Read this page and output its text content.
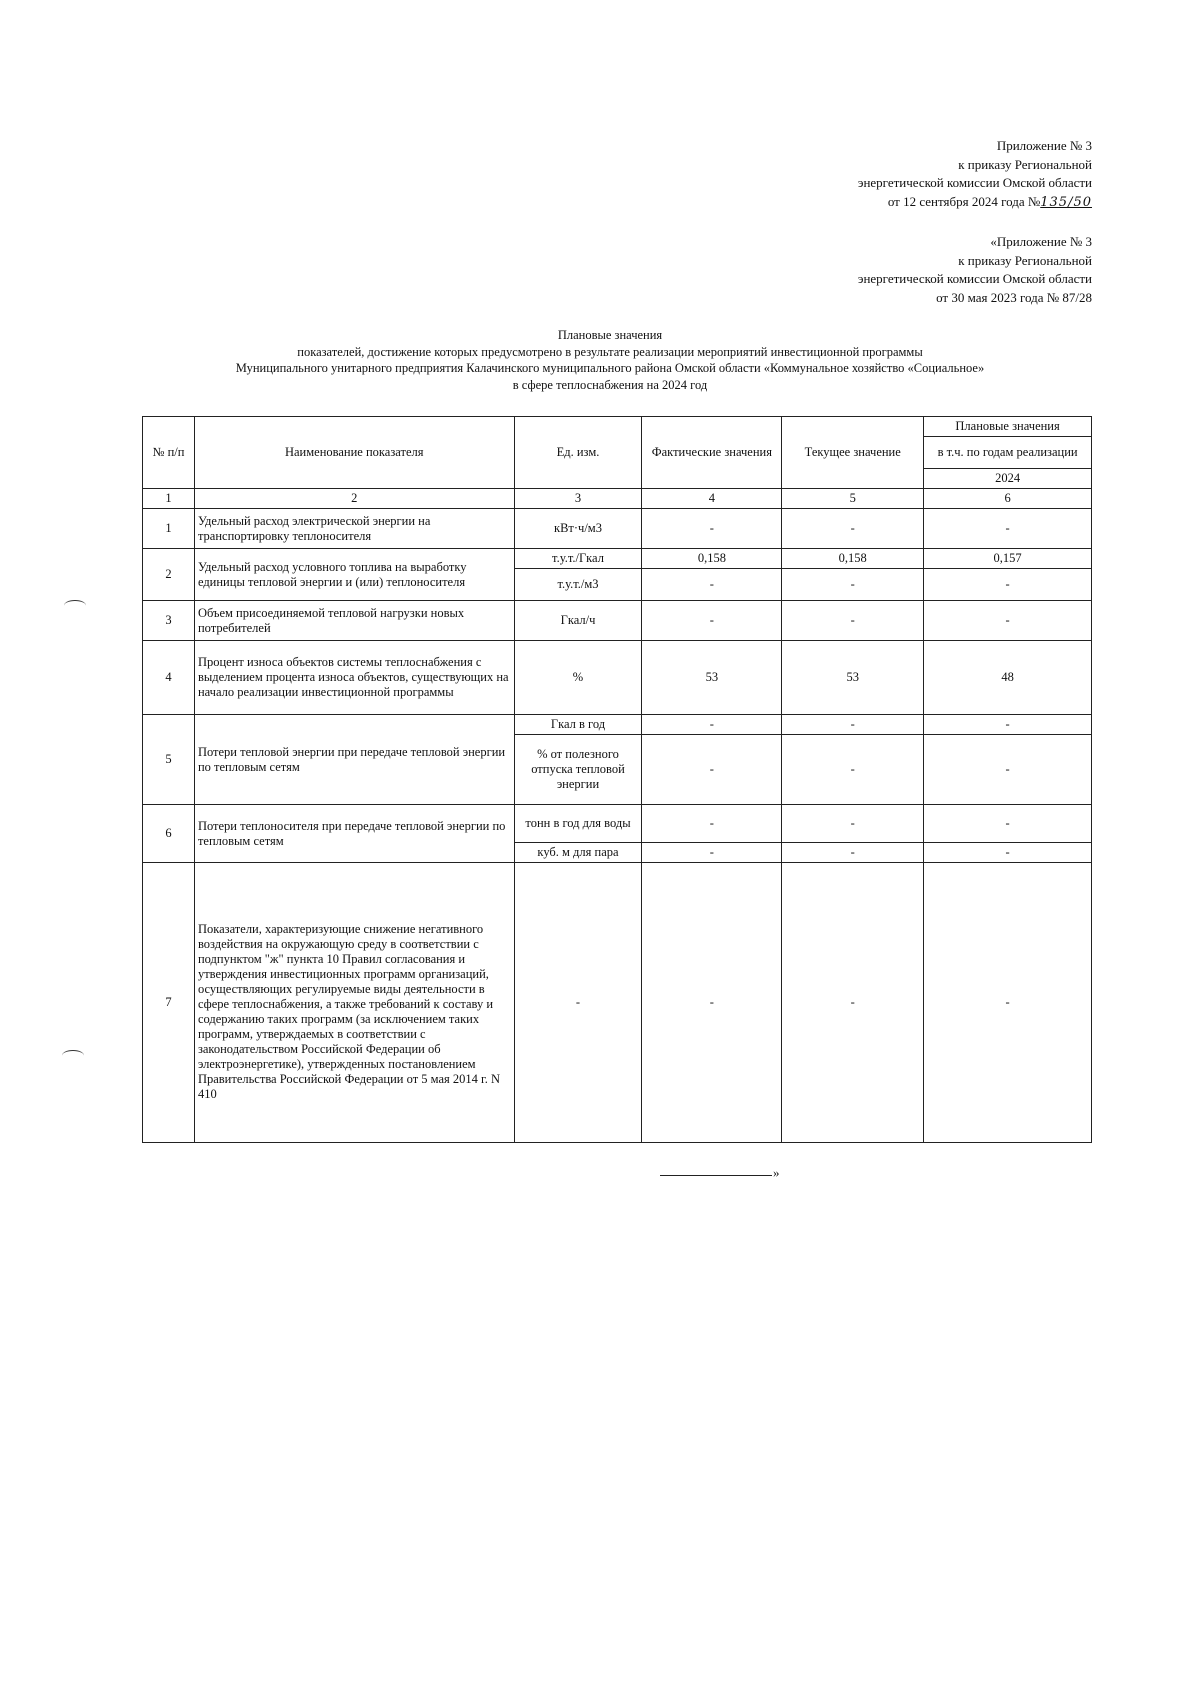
Приложение № 3
к приказу Региональной
энергетической комиссии Омской области
от 12 сентября 2024 года №135/50
«Приложение № 3
к приказу Региональной
энергетической комиссии Омской области
от 30 мая 2023 года № 87/28
Плановые значения
показателей, достижение которых предусмотрено в результате реализации мероприятий инвестиционной программы
Муниципального унитарного предприятия Калачинского муниципального района Омской области «Коммунальное хозяйство «Социальное»
в сфере теплоснабжения на 2024 год
№ п/п	Наименование показателя	Ед. изм.	Фактические значения	Текущее значение	Плановые значения
					в т.ч. по годам реализации
					2024
1	2	3	4	5	6
1	Удельный расход электрической энергии на транспортировку теплоносителя	кВт·ч/м3	-	-	-
2	Удельный расход условного топлива на выработку единицы тепловой энергии и (или) теплоносителя	т.у.т./Гкал	0,158	0,158	0,157
		т.у.т./м3	-	-	-
3	Объем присоединяемой тепловой нагрузки новых потребителей	Гкал/ч	-	-	-
4	Процент износа объектов системы теплоснабжения с выделением процента износа объектов, существующих на начало реализации инвестиционной программы	%	53	53	48
5	Потери тепловой энергии при передаче тепловой энергии по тепловым сетям	Гкал в год	-	-	-
		% от полезного отпуска тепловой энергии	-	-	-
6	Потери теплоносителя при передаче тепловой энергии по тепловым сетям	тонн в год для воды	-	-	-
		куб. м для пара	-	-	-
7	Показатели, характеризующие снижение негативного воздействия на окружающую среду в соответствии с подпунктом "ж" пункта 10 Правил согласования и утверждения инвестиционных программ организаций, осуществляющих регулируемые виды деятельности в сфере теплоснабжения, а также требований к составу и содержанию таких программ (за исключением таких программ, утверждаемых в соответствии с законодательством Российской Федерации об электроэнергетике), утвержденных постановлением Правительства Российской Федерации от 5 мая 2014 г. N 410	-	-	-	-
»
